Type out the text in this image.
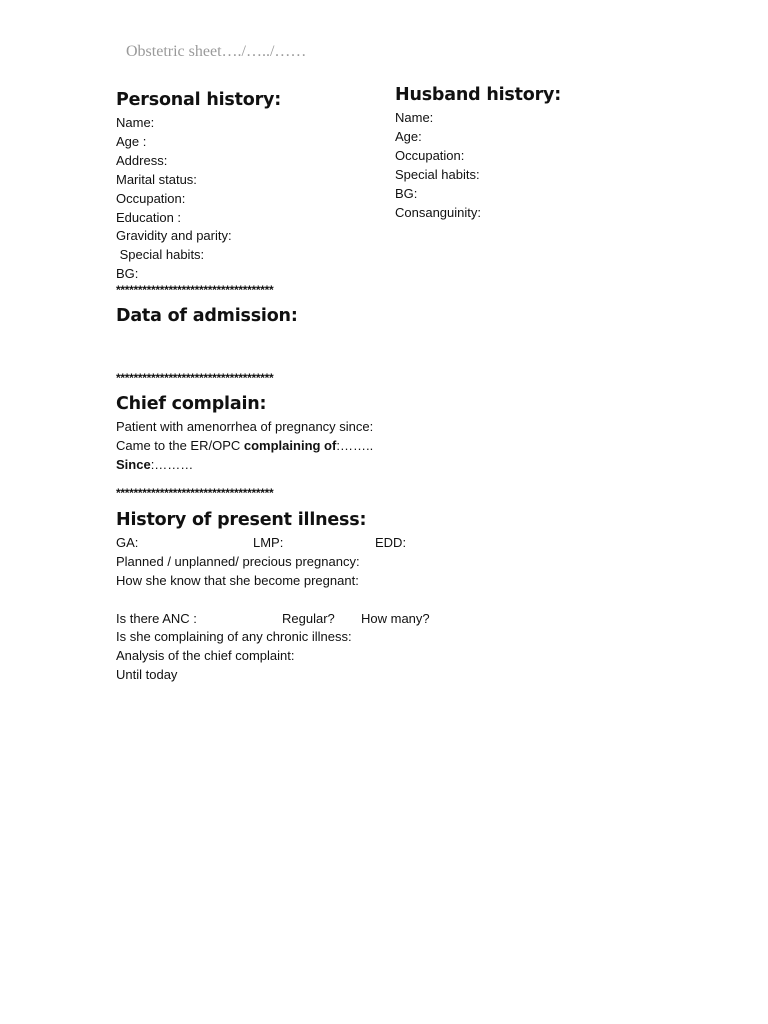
Obstetric sheet…./…../……
Personal history:

Name:

Age :

Address:

Marital status:

Occupation:

Education :

Gravidity and parity:

Special habits:

BG:

************************************

Data of admission:

************************************

Chief complain:

Patient with amenorrhea of pregnancy since:

Came to the ER/OPC complaining of:……..

Since:………

************************************

History of present illness:
GA:	LMP:	EDD:

Planned / unplanned/ precious pregnancy:

How she know that she become pregnant:

Is there ANC :	Regular? How many?

Is she complaining of any chronic illness:

Analysis of the chief complaint:

Until today

Husband history:

Name:

Age:

Occupation:

Special habits:

BG:

Consanguinity:
